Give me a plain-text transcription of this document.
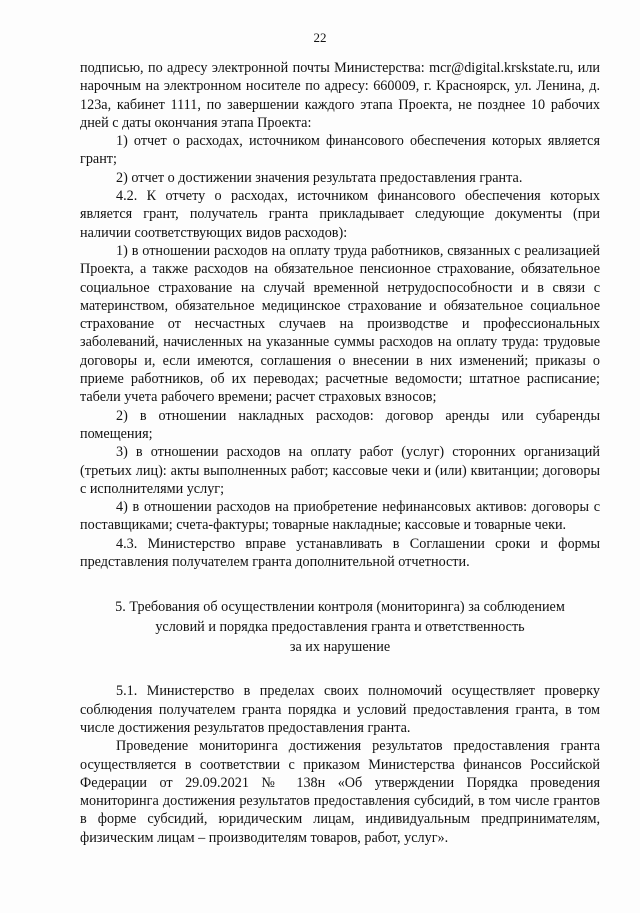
22

подписью, по адресу электронной почты Министерства: mcr@digital.krskstate.ru, или нарочным на электронном носителе по адресу: 660009, г. Красноярск, ул. Ленина, д. 123а, кабинет 1111, по завершении каждого этапа Проекта, не позднее 10 рабочих дней с даты окончания этапа Проекта:

1) отчет о расходах, источником финансового обеспечения которых является грант;

2) отчет о достижении значения результата предоставления гранта.

4.2. К отчету о расходах, источником финансового обеспечения которых является грант, получатель гранта прикладывает следующие документы (при наличии соответствующих видов расходов):

1) в отношении расходов на оплату труда работников, связанных с реализацией Проекта, а также расходов на обязательное пенсионное страхование, обязательное социальное страхование на случай временной нетрудоспособности и в связи с материнством, обязательное медицинское страхование и обязательное социальное страхование от несчастных случаев на производстве и профессиональных заболеваний, начисленных на указанные суммы расходов на оплату труда: трудовые договоры и, если имеются, соглашения о внесении в них изменений; приказы о приеме работников, об их переводах; расчетные ведомости; штатное расписание; табели учета рабочего времени; расчет страховых взносов;

2) в отношении накладных расходов: договор аренды или субаренды помещения;

3) в отношении расходов на оплату работ (услуг) сторонних организаций (третьих лиц): акты выполненных работ; кассовые чеки и (или) квитанции; договоры с исполнителями услуг;

4) в отношении расходов на приобретение нефинансовых активов: договоры с поставщиками; счета-фактуры; товарные накладные; кассовые и товарные чеки.

4.3. Министерство вправе устанавливать в Соглашении сроки и формы представления получателем гранта дополнительной отчетности.

5. Требования об осуществлении контроля (мониторинга) за соблюдением
условий и порядка предоставления гранта и ответственность
за их нарушение

5.1. Министерство в пределах своих полномочий осуществляет проверку соблюдения получателем гранта порядка и условий предоставления гранта, в том числе достижения результатов предоставления гранта.

Проведение мониторинга достижения результатов предоставления гранта осуществляется в соответствии с приказом Министерства финансов Российской Федерации от 29.09.2021 № 138н «Об утверждении Порядка проведения мониторинга достижения результатов предоставления субсидий, в том числе грантов в форме субсидий, юридическим лицам, индивидуальным предпринимателям, физическим лицам – производителям товаров, работ, услуг».
